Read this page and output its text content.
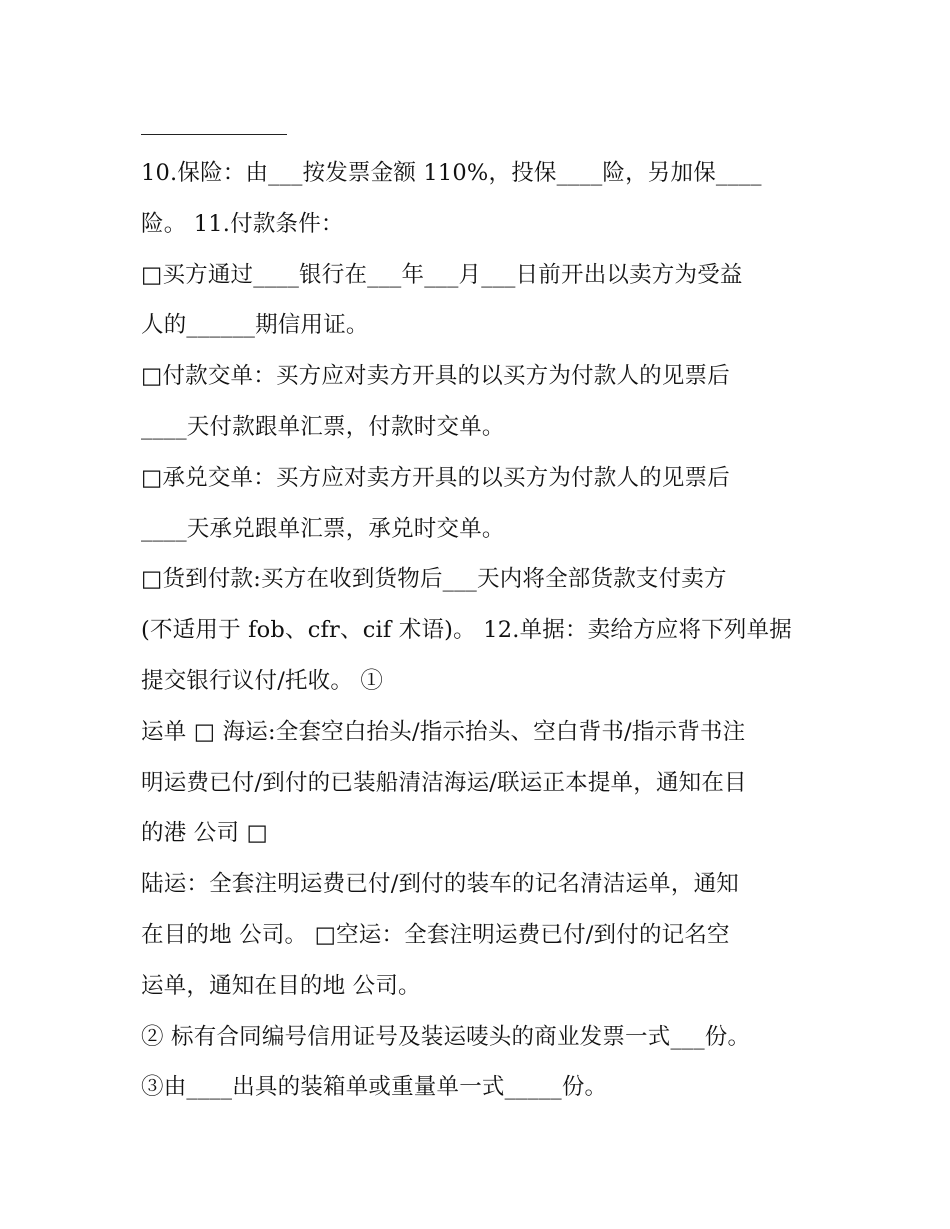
10.保险：由___按发票金额 110%，投保____险，另加保____
险。 11.付款条件：
□买方通过____银行在___年___月___日前开出以卖方为受益
人的______期信用证。
□付款交单：买方应对卖方开具的以买方为付款人的见票后
____天付款跟单汇票，付款时交单。
□承兑交单：买方应对卖方开具的以买方为付款人的见票后
____天承兑跟单汇票，承兑时交单。
□货到付款:买方在收到货物后___天内将全部货款支付卖方
(不适用于 fob、cfr、cif 术语)。 12.单据：卖给方应将下列单据
提交银行议付/托收。 ①
运单 □ 海运:全套空白抬头/指示抬头、空白背书/指示背书注
明运费已付/到付的已装船清洁海运/联运正本提单，通知在目
的港 公司 □
陆运：全套注明运费已付/到付的装车的记名清洁运单，通知
在目的地 公司。 □空运：全套注明运费已付/到付的记名空
运单，通知在目的地 公司。
② 标有合同编号信用证号及装运唛头的商业发票一式___份。
③由____出具的装箱单或重量单一式_____份。
